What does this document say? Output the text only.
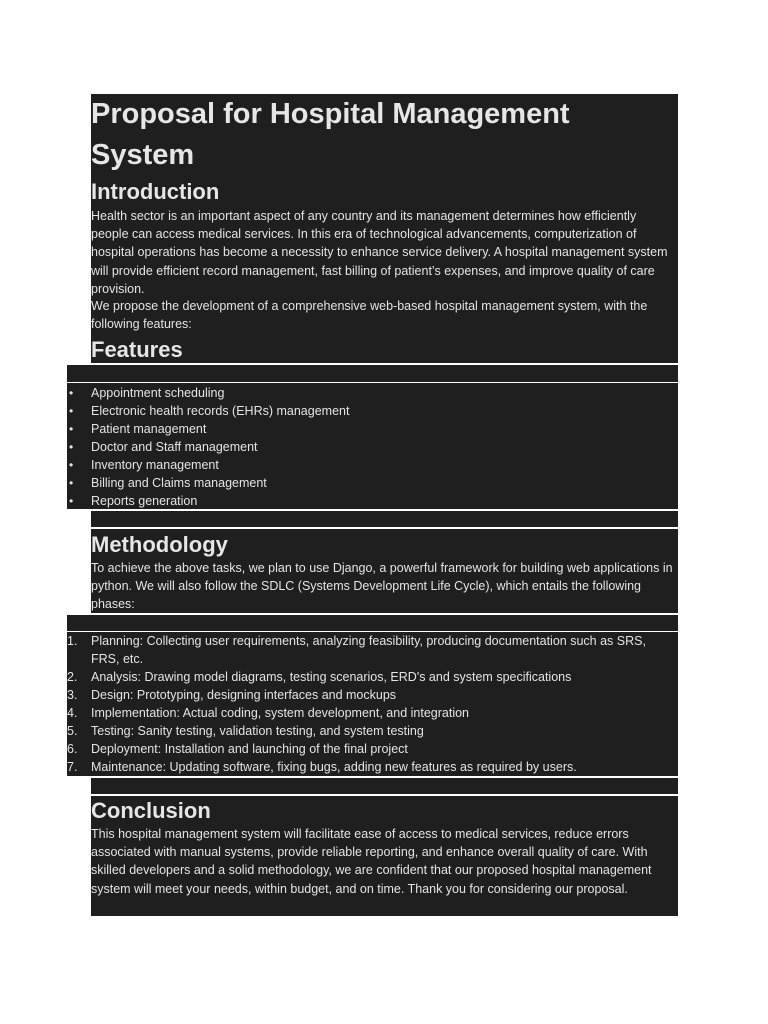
Proposal for Hospital Management System
Introduction
Health sector is an important aspect of any country and its management determines how efficiently people can access medical services. In this era of technological advancements, computerization of hospital operations has become a necessity to enhance service delivery. A hospital management system will provide efficient record management, fast billing of patient’s expenses, and improve quality of care provision.
We propose the development of a comprehensive web-based hospital management system, with the following features:
Features
• Appointment scheduling
• Electronic health records (EHRs) management
• Patient management
• Doctor and Staff management
• Inventory management
• Billing and Claims management
• Reports generation
Methodology
To achieve the above tasks, we plan to use Django, a powerful framework for building web applications in python. We will also follow the SDLC (Systems Development Life Cycle), which entails the following phases:
1. Planning: Collecting user requirements, analyzing feasibility, producing documentation such as SRS, FRS, etc.
2. Analysis: Drawing model diagrams, testing scenarios, ERD's and system specifications
3. Design: Prototyping, designing interfaces and mockups
4. Implementation: Actual coding, system development, and integration
5. Testing: Sanity testing, validation testing, and system testing
6. Deployment: Installation and launching of the final project
7. Maintenance: Updating software, fixing bugs, adding new features as required by users.
Conclusion
This hospital management system will facilitate ease of access to medical services, reduce errors associated with manual systems, provide reliable reporting, and enhance overall quality of care. With skilled developers and a solid methodology, we are confident that our proposed hospital management system will meet your needs, within budget, and on time. Thank you for considering our proposal.
